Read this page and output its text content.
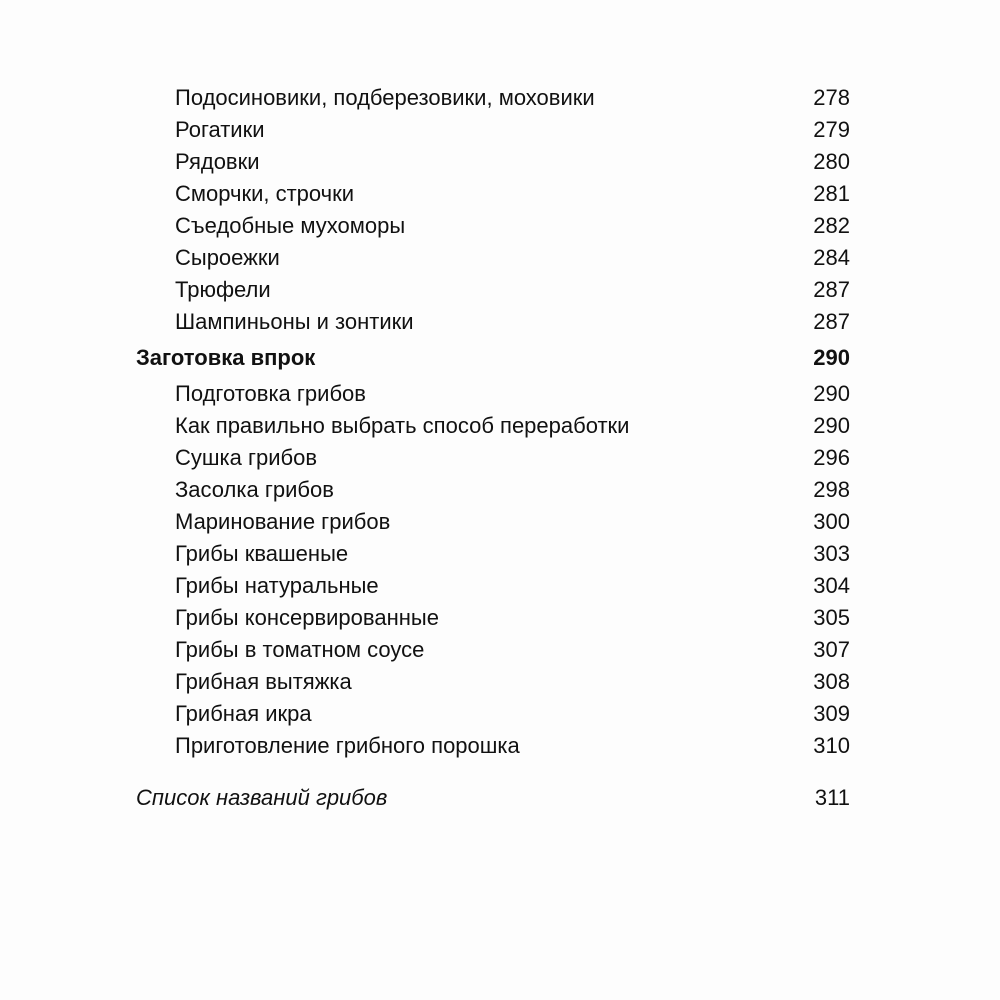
Подосиновики, подберезовики, моховики	278
Рогатики	279
Рядовки	280
Сморчки, строчки	281
Съедобные мухоморы	282
Сыроежки	284
Трюфели	287
Шампиньоны и зонтики	287
Заготовка впрок	290
Подготовка грибов	290
Как правильно выбрать способ переработки	290
Сушка грибов	296
Засолка грибов	298
Маринование грибов	300
Грибы квашеные	303
Грибы натуральные	304
Грибы консервированные	305
Грибы в томатном соусе	307
Грибная вытяжка	308
Грибная икра	309
Приготовление грибного порошка	310
Список названий грибов	311
